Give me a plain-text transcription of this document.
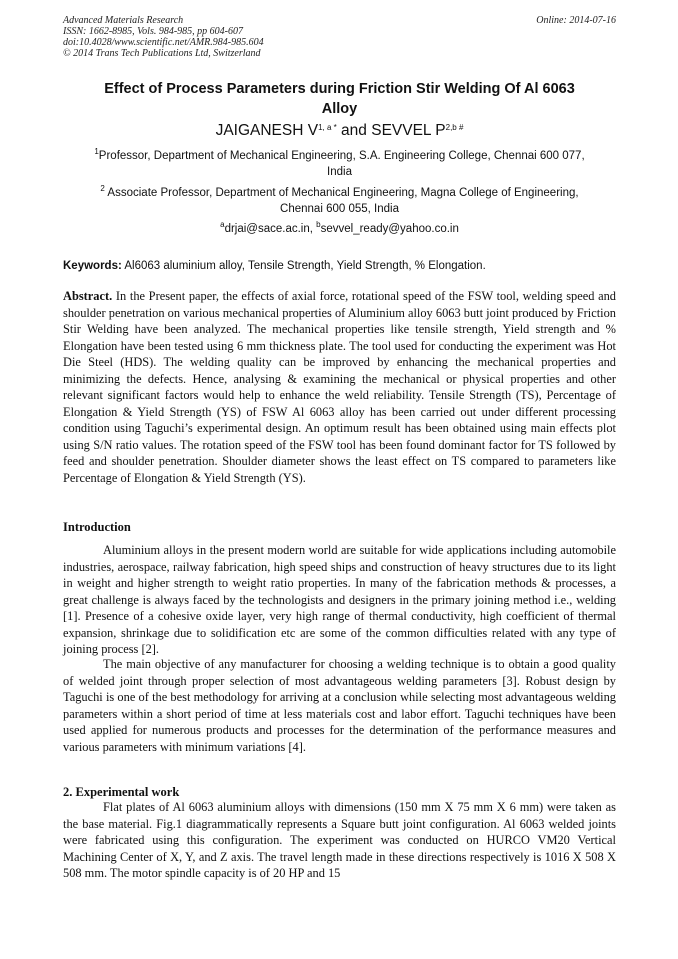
Advanced Materials Research
ISSN: 1662-8985, Vols. 984-985, pp 604-607
doi:10.4028/www.scientific.net/AMR.984-985.604
© 2014 Trans Tech Publications Ltd, Switzerland
Online: 2014-07-16
Effect of Process Parameters during Friction Stir Welding Of Al 6063
Alloy
JAIGANESH $V^{1, a *}$ and SEVVEL $P^{2,b \#}$
$^1$Professor, Department of Mechanical Engineering, S.A. Engineering College, Chennai 600 077,
India
$^2$ Associate Professor, Department of Mechanical Engineering, Magna College of Engineering,
Chennai 600 055, India
$^a$drjai@sace.ac.in, $^b$sevvel_ready@yahoo.co.in
Keywords: Al6063 aluminium alloy, Tensile Strength, Yield Strength, % Elongation.
Abstract. In the Present paper, the effects of axial force, rotational speed of the FSW tool, welding speed and shoulder penetration on various mechanical properties of Aluminium alloy 6063 butt joint produced by Friction Stir Welding have been analyzed. The mechanical properties like tensile strength, Yield strength and % Elongation have been tested using 6 mm thickness plate. The tool used for conducting the experiment was Hot Die Steel (HDS). The welding quality can be improved by enhancing the mechanical properties and minimizing the defects. Hence, analysing & examining the mechanical or physical properties and other relevant significant factors would help to enhance the weld reliability. Tensile Strength (TS), Percentage of Elongation & Yield Strength (YS) of FSW Al 6063 alloy has been carried out under different processing condition using Taguchi’s experimental design. An optimum result has been obtained using main effects plot using S/N ratio values. The rotation speed of the FSW tool has been found dominant factor for TS followed by feed and shoulder penetration. Shoulder diameter shows the least effect on TS compared to parameters like Percentage of Elongation & Yield Strength (YS).
Introduction
Aluminium alloys in the present modern world are suitable for wide applications including automobile industries, aerospace, railway fabrication, high speed ships and construction of heavy structures due to its light in weight and higher strength to weight ratio properties. In many of the fabrication methods & processes, a great challenge is always faced by the technologists and designers in the primary joining method i.e., welding [1]. Presence of a cohesive oxide layer, very high range of thermal conductivity, high coefficient of thermal expansion, shrinkage due to solidification etc are some of the common difficulties related with any type of joining process [2].
The main objective of any manufacturer for choosing a welding technique is to obtain a good quality of welded joint through proper selection of most advantageous welding parameters [3]. Robust design by Taguchi is one of the best methodology for arriving at a conclusion while selecting most advantageous welding parameters within a short period of time at less materials cost and labor effort. Taguchi techniques have been used applied for numerous products and processes for the determination of the performance measures and various parameters with minimum variations [4].
2. Experimental work
Flat plates of Al 6063 aluminium alloys with dimensions (150 mm X 75 mm X 6 mm) were taken as the base material. Fig.1 diagrammatically represents a Square butt joint configuration. Al 6063 welded joints were fabricated using this configuration. The experiment was conducted on HURCO VM20 Vertical Machining Center of X, Y, and Z axis. The travel length made in these directions respectively is 1016 X 508 X 508 mm. The motor spindle capacity is of 20 HP and 15
